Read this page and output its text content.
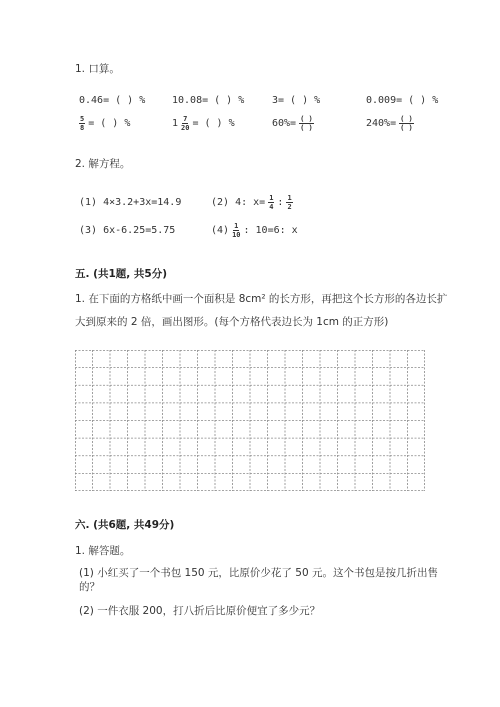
1. 口算。
0.46= ( ) %	10.08= ( ) %	3= ( ) %	0.009= ( ) %
$\frac{5}{8}$ = ( ) %	$1 \frac{7}{20}$ = ( ) %	$60\%= \frac{( )}{( )}$	$240\%= \frac{( )}{( )}$
2. 解方程。
(1) 4×3.2+3x=14.9	(2) 4: $x= \frac{1}{4}$ : $\frac{1}{2}$
(3) 6x-6.25=5.75	$(4) \frac{1}{10}$ : 10=6: x
五. (共1题, 共5分)
1. 在下面的方格纸中画一个面积是 8cm² 的长方形，再把这个长方形的各边长扩
大到原来的 2 倍，画出图形。(每个方格代表边长为 1cm 的正方形)
六. (共6题, 共49分)
1. 解答题。
(1) 小红买了一个书包 150 元，比原价少花了 50 元。这个书包是按几折出售
的？
(2) 一件衣服 200，打八折后比原价便宜了多少元？
